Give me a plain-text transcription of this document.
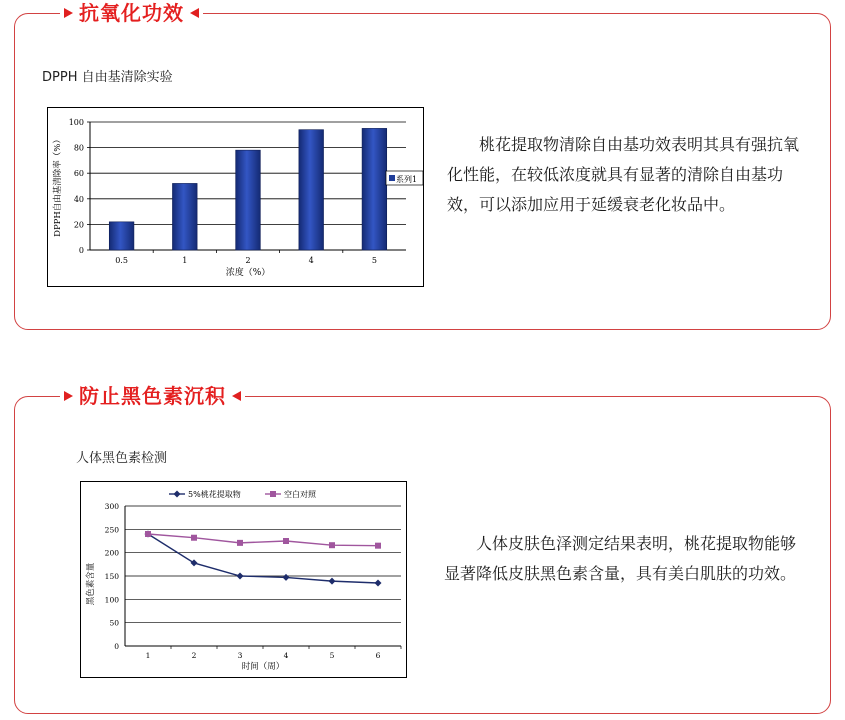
抗氧化功效
DPPH 自由基清除实验
0
20
40
60
80
100
0.5	1	2	4	5
浓度（%）
DPPH自由基清除率（%）	系列1
桃花提取物清除自由基功效表明其具有强抗氧化性能，在较低浓度就具有显著的清除自由基功效，可以添加应用于延缓衰老化妆品中。
防止黑色素沉积
人体黑色素检测
0
50
100
150
200
250
300
1	2	3	4	5	6
5%桃花提取物	空白对照
时间（周）
黑色素含量
人体皮肤色泽测定结果表明，桃花提取物能够显著降低皮肤黑色素含量，具有美白肌肤的功效。
